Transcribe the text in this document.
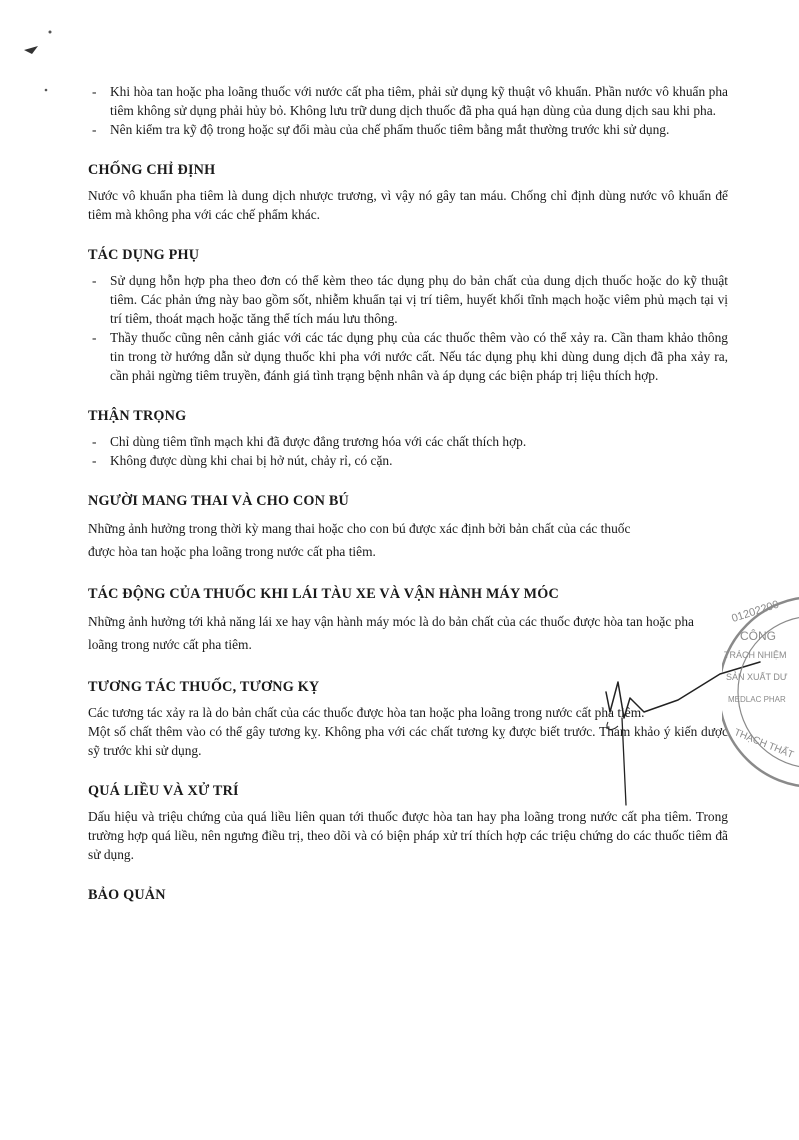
- Khi hòa tan hoặc pha loãng thuốc với nước cất pha tiêm, phải sử dụng kỹ thuật vô khuẩn. Phần nước vô khuẩn pha tiêm không sử dụng phải hủy bỏ. Không lưu trữ dung dịch thuốc đã pha quá hạn dùng của dung dịch sau khi pha.
- Nên kiểm tra kỹ độ trong hoặc sự đổi màu của chế phẩm thuốc tiêm bằng mắt thường trước khi sử dụng.
CHỐNG CHỈ ĐỊNH

Nước vô khuẩn pha tiêm là dung dịch nhược trương, vì vậy nó gây tan máu. Chống chỉ định dùng nước vô khuẩn để tiêm mà không pha với các chế phẩm khác.

TÁC DỤNG PHỤ
- Sử dụng hỗn hợp pha theo đơn có thể kèm theo tác dụng phụ do bản chất của dung dịch thuốc hoặc do kỹ thuật tiêm. Các phản ứng này bao gồm sốt, nhiễm khuẩn tại vị trí tiêm, huyết khối tĩnh mạch hoặc viêm phủ mạch tại vị trí tiêm, thoát mạch hoặc tăng thể tích máu lưu thông.
- Thầy thuốc cũng nên cảnh giác với các tác dụng phụ của các thuốc thêm vào có thể xảy ra. Cần tham khảo thông tin trong tờ hướng dẫn sử dụng thuốc khi pha với nước cất. Nếu tác dụng phụ khi dùng dung dịch đã pha xảy ra, cần phải ngừng tiêm truyền, đánh giá tình trạng bệnh nhân và áp dụng các biện pháp trị liệu thích hợp.
THẬN TRỌNG
- Chỉ dùng tiêm tĩnh mạch khi đã được đẳng trương hóa với các chất thích hợp.
- Không được dùng khi chai bị hở nút, chảy rỉ, có cặn.
NGƯỜI MANG THAI VÀ CHO CON BÚ

Những ảnh hưởng trong thời kỳ mang thai hoặc cho con bú được xác định bởi bản chất của các thuốc được hòa tan hoặc pha loãng trong nước cất pha tiêm.

TÁC ĐỘNG CỦA THUỐC KHI LÁI TÀU XE VÀ VẬN HÀNH MÁY MÓC

Những ảnh hưởng tới khả năng lái xe hay vận hành máy móc là do bản chất của các thuốc được hòa tan hoặc pha loãng trong nước cất pha tiêm.

TƯƠNG TÁC THUỐC, TƯƠNG KỴ

Các tương tác xảy ra là do bản chất của các thuốc được hòa tan hoặc pha loãng trong nước cất pha tiêm.

Một số chất thêm vào có thể gây tương kỵ. Không pha với các chất tương kỵ được biết trước. Tham khảo ý kiến dược sỹ trước khi sử dụng.

QUÁ LIỀU VÀ XỬ TRÍ

Dấu hiệu và triệu chứng của quá liều liên quan tới thuốc được hòa tan hay pha loãng trong nước cất pha tiêm. Trong trường hợp quá liều, nên ngưng điều trị, theo dõi và có biện pháp xử trí thích hợp các triệu chứng do các thuốc tiêm đã sử dụng.

BẢO QUẢN
01202200
CÔNG
TRÁCH NHIỆM
SẢN XUẤT DƯ
MEDLAC PHAR
THẠCH THẤT
